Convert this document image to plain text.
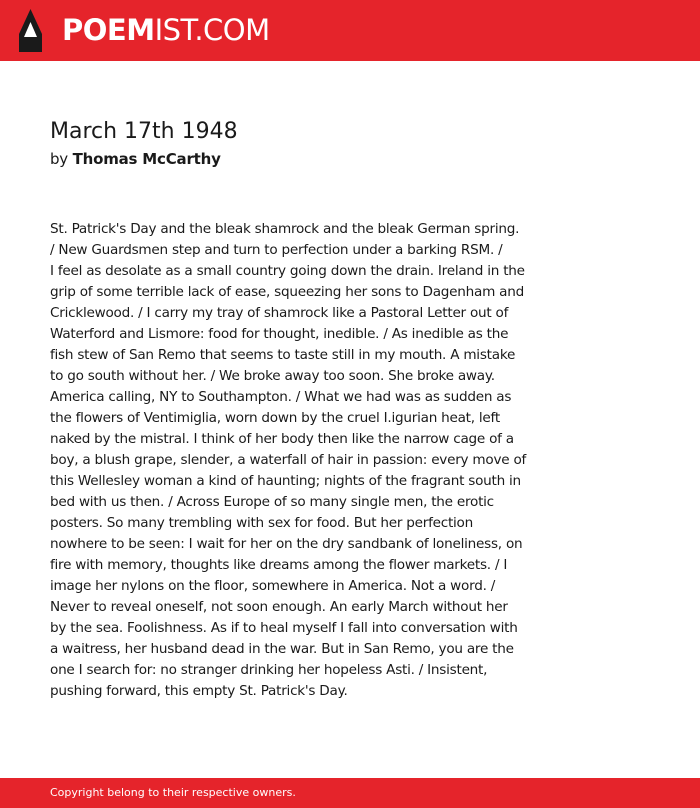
POEMIST.COM
March 17th 1948
by Thomas McCarthy
St. Patrick's Day and the bleak shamrock and the bleak German spring.
/ New Guardsmen step and turn to perfection under a barking RSM. /
I feel as desolate as a small country going down the drain. Ireland in the
grip of some terrible lack of ease, squeezing her sons to Dagenham and
Cricklewood. / I carry my tray of shamrock like a Pastoral Letter out of
Waterford and Lismore: food for thought, inedible. / As inedible as the
fish stew of San Remo that seems to taste still in my mouth. A mistake
to go south without her. / We broke away too soon. She broke away.
America calling, NY to Southampton. / What we had was as sudden as
the flowers of Ventimiglia, worn down by the cruel I.igurian heat, left
naked by the mistral. I think of her body then like the narrow cage of a
boy, a blush grape, slender, a waterfall of hair in passion: every move of
this Wellesley woman a kind of haunting; nights of the fragrant south in
bed with us then. / Across Europe of so many single men, the erotic
posters. So many trembling with sex for food. But her perfection
nowhere to be seen: I wait for her on the dry sandbank of loneliness, on
fire with memory, thoughts like dreams among the flower markets. / I
image her nylons on the floor, somewhere in America. Not a word. /
Never to reveal oneself, not soon enough. An early March without her
by the sea. Foolishness. As if to heal myself I fall into conversation with
a waitress, her husband dead in the war. But in San Remo, you are the
one I search for: no stranger drinking her hopeless Asti. / Insistent,
pushing forward, this empty St. Patrick's Day.
Copyright belong to their respective owners.
